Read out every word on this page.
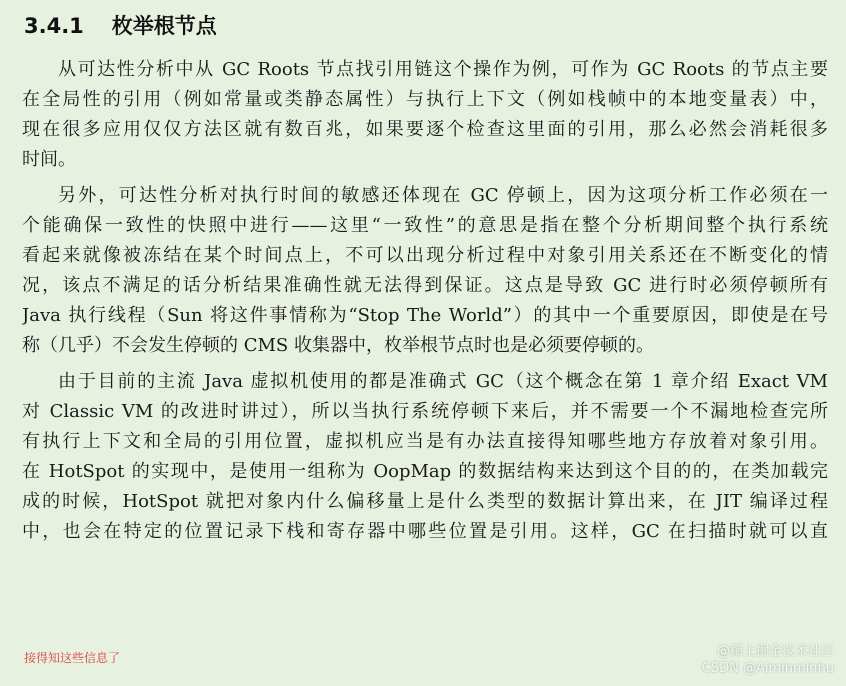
3.4.1 枚举根节点
从可达性分析中从 GC Roots 节点找引用链这个操作为例，可作为 GC Roots 的节点主要
在全局性的引用（例如常量或类静态属性）与执行上下文（例如栈帧中的本地变量表）中，
现在很多应用仅仅方法区就有数百兆，如果要逐个检查这里面的引用，那么必然会消耗很多
时间。
另外，可达性分析对执行时间的敏感还体现在 GC 停顿上，因为这项分析工作必须在一
个能确保一致性的快照中进行——这里“一致性”的意思是指在整个分析期间整个执行系统
看起来就像被冻结在某个时间点上，不可以出现分析过程中对象引用关系还在不断变化的情
况，该点不满足的话分析结果准确性就无法得到保证。这点是导致 GC 进行时必须停顿所有
Java 执行线程（Sun 将这件事情称为“Stop The World”）的其中一个重要原因，即使是在号
称（几乎）不会发生停顿的 CMS 收集器中，枚举根节点时也是必须要停顿的。
由于目前的主流 Java 虚拟机使用的都是准确式 GC（这个概念在第 1 章介绍 Exact VM
对 Classic VM 的改进时讲过），所以当执行系统停顿下来后，并不需要一个不漏地检查完所
有执行上下文和全局的引用位置，虚拟机应当是有办法直接得知哪些地方存放着对象引用。
在 HotSpot 的实现中，是使用一组称为 OopMap 的数据结构来达到这个目的的，在类加载完
成的时候，HotSpot 就把对象内什么偏移量上是什么类型的数据计算出来，在 JIT 编译过程
中，也会在特定的位置记录下栈和寄存器中哪些位置是引用。这样，GC 在扫描时就可以直
接得知这些信息了	@稀土掘金技术社区
CSDN @Aiminminhu
